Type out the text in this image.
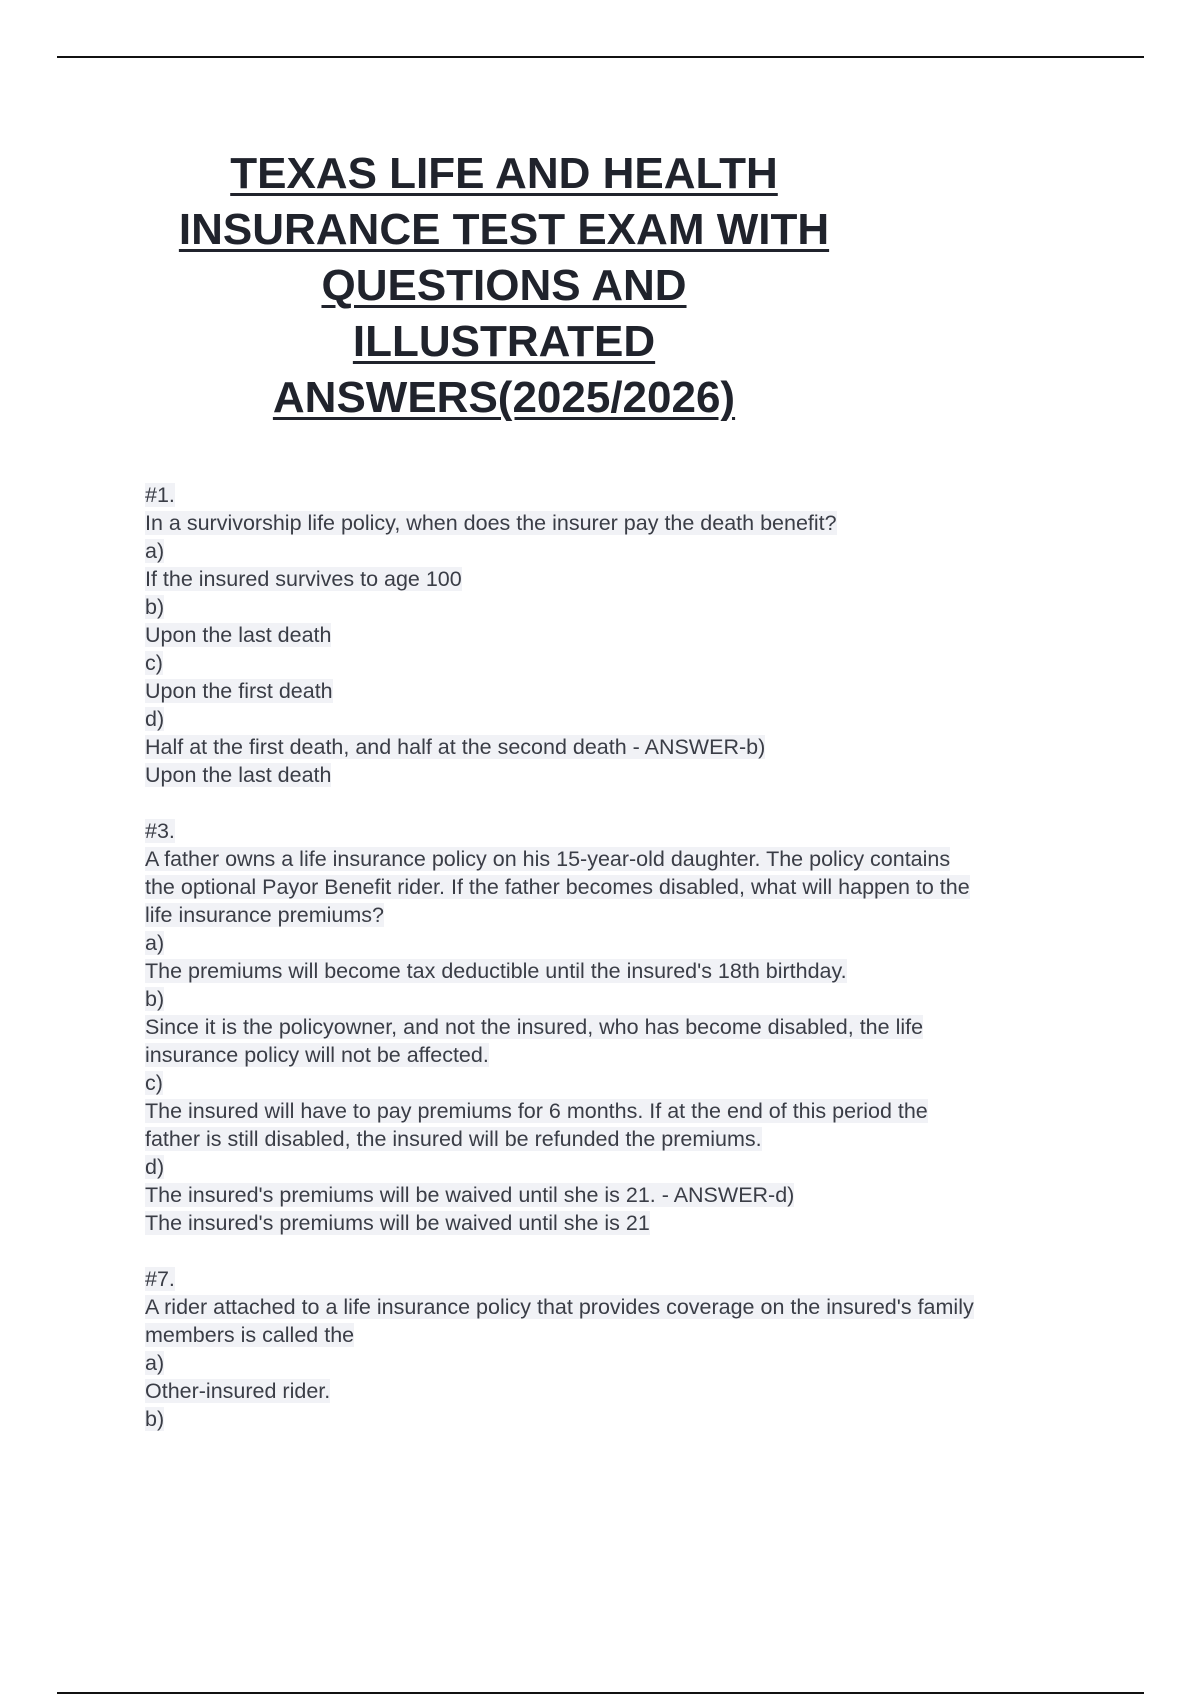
TEXAS LIFE AND HEALTH
INSURANCE TEST EXAM WITH
QUESTIONS AND
ILLUSTRATED
ANSWERS(2025/2026)
#1.
In a survivorship life policy, when does the insurer pay the death benefit?
a)
If the insured survives to age 100
b)
Upon the last death
c)
Upon the first death
d)
Half at the first death, and half at the second death - ANSWER-b)
Upon the last death
#3.
A father owns a life insurance policy on his 15-year-old daughter. The policy contains
the optional Payor Benefit rider. If the father becomes disabled, what will happen to the
life insurance premiums?
a)
The premiums will become tax deductible until the insured's 18th birthday.
b)
Since it is the policyowner, and not the insured, who has become disabled, the life
insurance policy will not be affected.
c)
The insured will have to pay premiums for 6 months. If at the end of this period the
father is still disabled, the insured will be refunded the premiums.
d)
The insured's premiums will be waived until she is 21. - ANSWER-d)
The insured's premiums will be waived until she is 21
#7.
A rider attached to a life insurance policy that provides coverage on the insured's family
members is called the
a)
Other-insured rider.
b)
